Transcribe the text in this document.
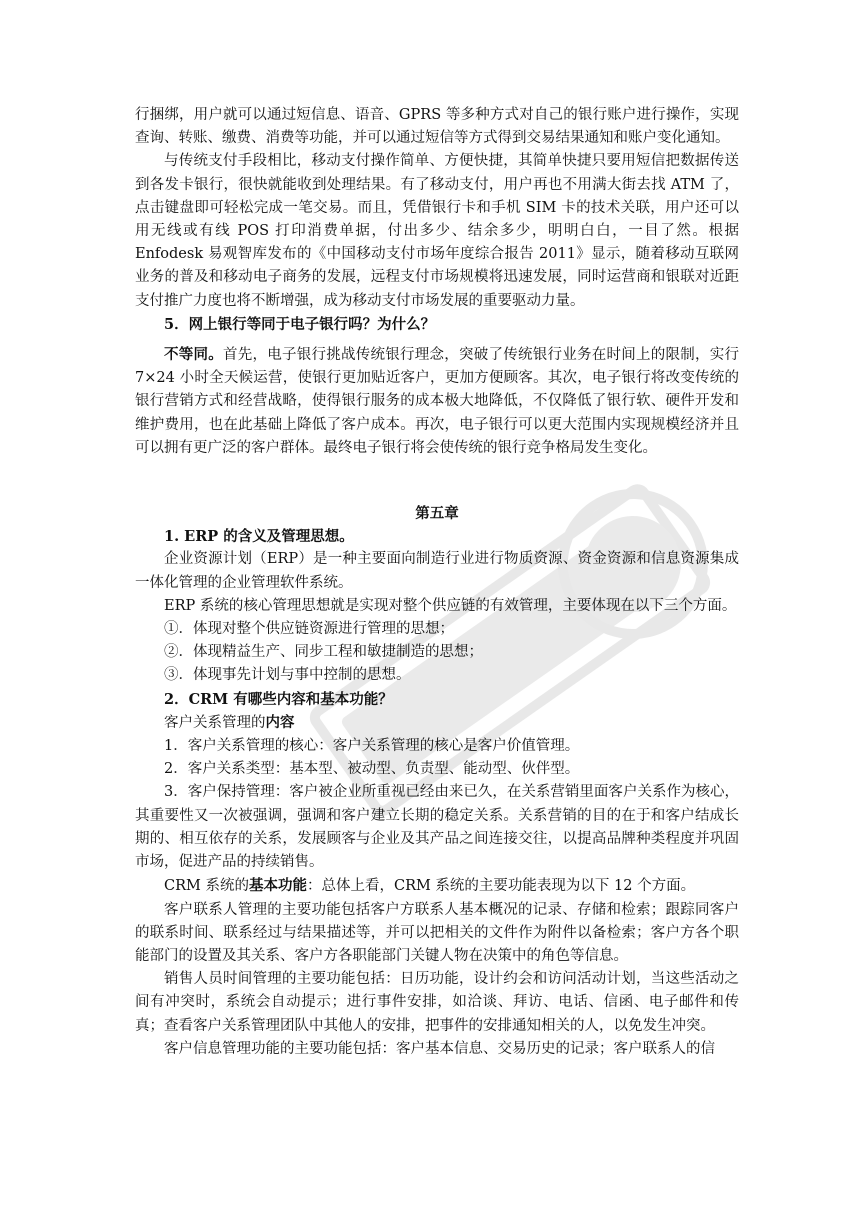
行捆绑，用户就可以通过短信息、语音、GPRS 等多种方式对自己的银行账户进行操作，实现查询、转账、缴费、消费等功能，并可以通过短信等方式得到交易结果通知和账户变化通知。

与传统支付手段相比，移动支付操作简单、方便快捷，其简单快捷只要用短信把数据传送到各发卡银行，很快就能收到处理结果。有了移动支付，用户再也不用满大街去找 ATM 了，点击键盘即可轻松完成一笔交易。而且，凭借银行卡和手机 SIM 卡的技术关联，用户还可以用无线或有线 POS 打印消费单据，付出多少、结余多少，明明白白，一目了然。根据 Enfodesk 易观智库发布的《中国移动支付市场年度综合报告 2011》显示，随着移动互联网业务的普及和移动电子商务的发展，远程支付市场规模将迅速发展，同时运营商和银联对近距支付推广力度也将不断增强，成为移动支付市场发展的重要驱动力量。

5．网上银行等同于电子银行吗？为什么？

不等同。首先，电子银行挑战传统银行理念，突破了传统银行业务在时间上的限制，实行 7×24 小时全天候运营，使银行更加贴近客户，更加方便顾客。其次，电子银行将改变传统的银行营销方式和经营战略，使得银行服务的成本极大地降低，不仅降低了银行软、硬件开发和维护费用，也在此基础上降低了客户成本。再次，电子银行可以更大范围内实现规模经济并且可以拥有更广泛的客户群体。最终电子银行将会使传统的银行竞争格局发生变化。

第五章

1. ERP 的含义及管理思想。

企业资源计划（ERP）是一种主要面向制造行业进行物质资源、资金资源和信息资源集成一体化管理的企业管理软件系统。

ERP 系统的核心管理思想就是实现对整个供应链的有效管理，主要体现在以下三个方面。

①．体现对整个供应链资源进行管理的思想；

②．体现精益生产、同步工程和敏捷制造的思想；

③．体现事先计划与事中控制的思想。

2．CRM 有哪些内容和基本功能？

客户关系管理的内容

1．客户关系管理的核心：客户关系管理的核心是客户价值管理。

2．客户关系类型：基本型、被动型、负责型、能动型、伙伴型。

3．客户保持管理：客户被企业所重视已经由来已久，在关系营销里面客户关系作为核心，其重要性又一次被强调，强调和客户建立长期的稳定关系。关系营销的目的在于和客户结成长期的、相互依存的关系，发展顾客与企业及其产品之间连接交往，以提高品牌种类程度并巩固市场，促进产品的持续销售。

CRM 系统的基本功能：总体上看，CRM 系统的主要功能表现为以下 12 个方面。

客户联系人管理的主要功能包括客户方联系人基本概况的记录、存储和检索；跟踪同客户的联系时间、联系经过与结果描述等，并可以把相关的文件作为附件以备检索；客户方各个职能部门的设置及其关系、客户方各职能部门关键人物在决策中的角色等信息。

销售人员时间管理的主要功能包括：日历功能，设计约会和访问活动计划，当这些活动之间有冲突时，系统会自动提示；进行事件安排，如洽谈、拜访、电话、信函、电子邮件和传真；查看客户关系管理团队中其他人的安排，把事件的安排通知相关的人，以免发生冲突。

客户信息管理功能的主要功能包括：客户基本信息、交易历史的记录；客户联系人的信
